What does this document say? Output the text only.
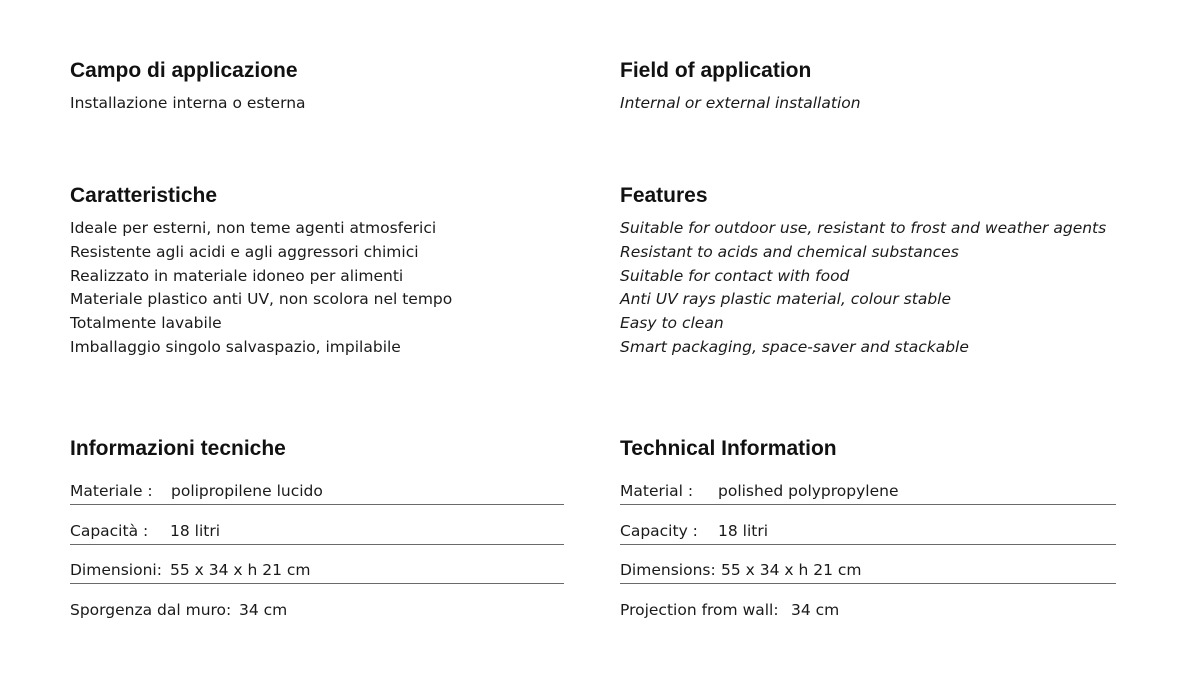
Campo di applicazione
Installazione interna o esterna
Caratteristiche
Ideale per esterni, non teme agenti atmosferici
Resistente agli acidi e agli aggressori chimici
Realizzato in materiale idoneo per alimenti
Materiale plastico anti UV, non scolora nel tempo
Totalmente lavabile
Imballaggio singolo salvaspazio, impilabile
Informazioni tecniche
Materiale : polipropilene lucido
Capacità : 18 litri
Dimensioni: 55 x 34 x h 21 cm
Sporgenza dal muro: 34 cm
Field of application
Internal or external installation
Features
Suitable for outdoor use, resistant to frost and weather agents
Resistant to acids and chemical substances
Suitable for contact with food
Anti UV rays plastic material, colour stable
Easy to clean
Smart packaging, space-saver and stackable
Technical Information
Material : polished polypropylene
Capacity : 18 litri
Dimensions: 55 x 34 x h 21 cm
Projection from wall: 34 cm
